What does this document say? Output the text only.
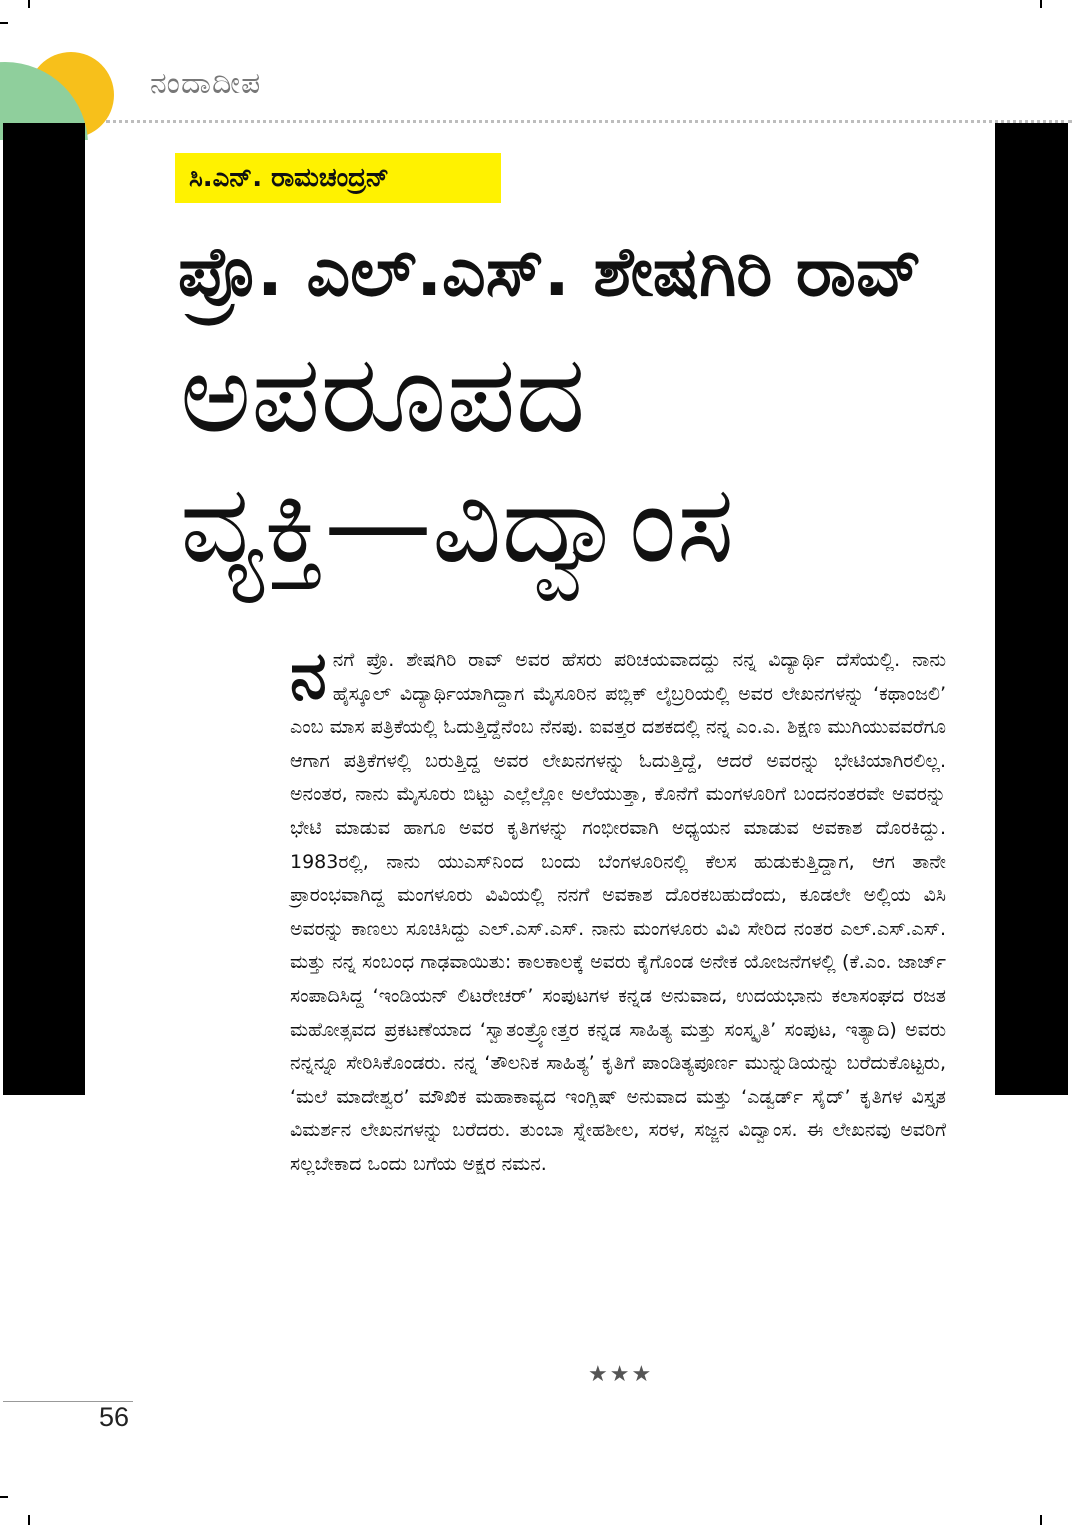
ನಂದಾದೀಪ
ಸಿ.ಎನ್. ರಾಮಚಂದ್ರನ್
ಪ್ರೊ. ಎಲ್.ಎಸ್. ಶೇಷಗಿರಿ ರಾವ್
ಅಪರೂಪದ
ವ್ಯಕ್ತಿ—ವಿದ್ವಾಂಸ

ನನಗೆ ಪ್ರೊ. ಶೇಷಗಿರಿ ರಾವ್ ಅವರ ಹೆಸರು ಪರಿಚಯವಾದದ್ದು ನನ್ನ ವಿದ್ಯಾರ್ಥಿ ದೆಸೆಯಲ್ಲಿ. ನಾನು ಹೈಸ್ಕೂಲ್ ವಿದ್ಯಾರ್ಥಿಯಾಗಿದ್ದಾಗ ಮೈಸೂರಿನ ಪಬ್ಲಿಕ್ ಲೈಬ್ರರಿಯಲ್ಲಿ ಅವರ ಲೇಖನಗಳನ್ನು ‘ಕಥಾಂಜಲಿ’ ಎಂಬ ಮಾಸ ಪತ್ರಿಕೆಯಲ್ಲಿ ಓದುತ್ತಿದ್ದೆನೆಂಬ ನೆನಪು. ಐವತ್ತರ ದಶಕದಲ್ಲಿ ನನ್ನ ಎಂ.ಎ. ಶಿಕ್ಷಣ ಮುಗಿಯುವವರೆಗೂ ಆಗಾಗ ಪತ್ರಿಕೆಗಳಲ್ಲಿ ಬರುತ್ತಿದ್ದ ಅವರ ಲೇಖನಗಳನ್ನು ಓದುತ್ತಿದ್ದೆ, ಆದರೆ ಅವರನ್ನು ಭೇಟಿಯಾಗಿರಲಿಲ್ಲ. ಅನಂತರ, ನಾನು ಮೈಸೂರು ಬಿಟ್ಟು ಎಲ್ಲೆಲ್ಲೋ ಅಲೆಯುತ್ತಾ, ಕೊನೆಗೆ ಮಂಗಳೂರಿಗೆ ಬಂದನಂತರವೇ ಅವರನ್ನು ಭೇಟಿ ಮಾಡುವ ಹಾಗೂ ಅವರ ಕೃತಿಗಳನ್ನು ಗಂಭೀರವಾಗಿ ಅಧ್ಯಯನ ಮಾಡುವ ಅವಕಾಶ ದೊರಕಿದ್ದು. 1983ರಲ್ಲಿ, ನಾನು ಯುಎಸ್‌ನಿಂದ ಬಂದು ಬೆಂಗಳೂರಿನಲ್ಲಿ ಕೆಲಸ ಹುಡುಕುತ್ತಿದ್ದಾಗ, ಆಗ ತಾನೇ ಪ್ರಾರಂಭವಾಗಿದ್ದ ಮಂಗಳೂರು ವಿವಿಯಲ್ಲಿ ನನಗೆ ಅವಕಾಶ ದೊರಕಬಹುದೆಂದು, ಕೂಡಲೇ ಅಲ್ಲಿಯ ವಿಸಿ ಅವರನ್ನು ಕಾಣಲು ಸೂಚಿಸಿದ್ದು ಎಲ್.ಎಸ್.ಎಸ್. ನಾನು ಮಂಗಳೂರು ವಿವಿ ಸೇರಿದ ನಂತರ ಎಲ್.ಎಸ್.ಎಸ್. ಮತ್ತು ನನ್ನ ಸಂಬಂಧ ಗಾಢವಾಯಿತು: ಕಾಲಕಾಲಕ್ಕೆ ಅವರು ಕೈಗೊಂಡ ಅನೇಕ ಯೋಜನೆಗಳಲ್ಲಿ (ಕೆ.ಎಂ. ಜಾರ್ಜ್ ಸಂಪಾದಿಸಿದ್ದ ‘ಇಂಡಿಯನ್ ಲಿಟರೇಚರ್’ ಸಂಪುಟಗಳ ಕನ್ನಡ ಅನುವಾದ, ಉದಯಭಾನು ಕಲಾಸಂಘದ ರಜತ ಮಹೋತ್ಸವದ ಪ್ರಕಟಣೆಯಾದ ‘ಸ್ವಾತಂತ್ರ್ಯೋತ್ತರ ಕನ್ನಡ ಸಾಹಿತ್ಯ ಮತ್ತು ಸಂಸ್ಕೃತಿ’ ಸಂಪುಟ, ಇತ್ಯಾದಿ) ಅವರು ನನ್ನನ್ನೂ ಸೇರಿಸಿಕೊಂಡರು. ನನ್ನ ‘ತೌಲನಿಕ ಸಾಹಿತ್ಯ’ ಕೃತಿಗೆ ಪಾಂಡಿತ್ಯಪೂರ್ಣ ಮುನ್ನುಡಿಯನ್ನು ಬರೆದುಕೊಟ್ಟರು, ‘ಮಲೆ ಮಾದೇಶ್ವರ’ ಮೌಖಿಕ ಮಹಾಕಾವ್ಯದ ಇಂಗ್ಲಿಷ್ ಅನುವಾದ ಮತ್ತು ‘ಎಡ್ವರ್ಡ್ ಸೈದ್’ ಕೃತಿಗಳ ವಿಸ್ತೃತ ವಿಮರ್ಶನ ಲೇಖನಗಳನ್ನು ಬರೆದರು. ತುಂಬಾ ಸ್ನೇಹಶೀಲ, ಸರಳ, ಸಜ್ಜನ ವಿದ್ವಾಂಸ. ಈ ಲೇಖನವು ಅವರಿಗೆ ಸಲ್ಲಬೇಕಾದ ಒಂದು ಬಗೆಯ ಅಕ್ಷರ ನಮನ.

★★★
56
